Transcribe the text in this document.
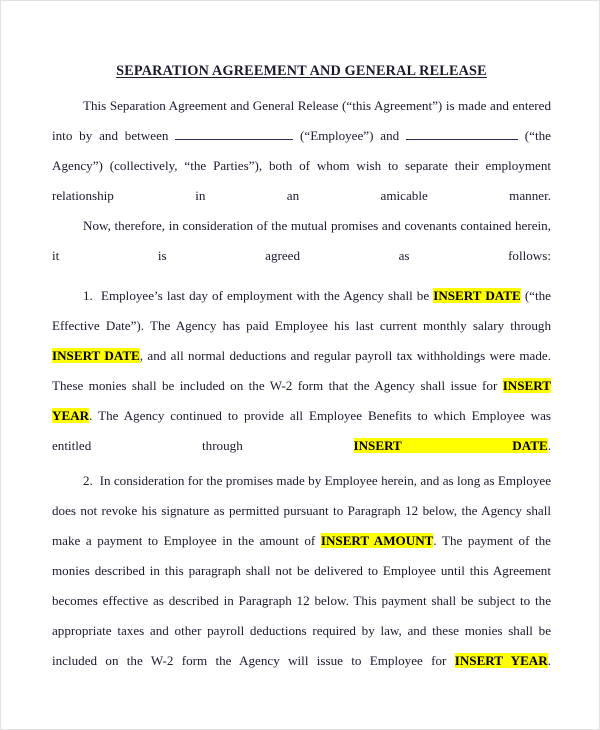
SEPARATION AGREEMENT AND GENERAL RELEASE

This Separation Agreement and General Release (“this Agreement”) is made and entered into by and between	(“Employee”) and	(“the Agency”) (collectively, “the Parties”), both of whom wish to separate their employment relationship in an amicable manner.

Now, therefore, in consideration of the mutual promises and covenants contained herein, it is agreed as follows:

1. Employee’s last day of employment with the Agency shall be INSERT DATE (“the Effective Date”). The Agency has paid Employee his last current monthly salary through INSERT DATE, and all normal deductions and regular payroll tax withholdings were made. These monies shall be included on the W-2 form that the Agency shall issue for INSERT YEAR. The Agency continued to provide all Employee Benefits to which Employee was entitled through INSERT DATE.

2. In consideration for the promises made by Employee herein, and as long as Employee does not revoke his signature as permitted pursuant to Paragraph 12 below, the Agency shall make a payment to Employee in the amount of INSERT AMOUNT. The payment of the monies described in this paragraph shall not be delivered to Employee until this Agreement becomes effective as described in Paragraph 12 below. This payment shall be subject to the appropriate taxes and other payroll deductions required by law, and these monies shall be included on the W-2 form the Agency will issue to Employee for INSERT YEAR.
